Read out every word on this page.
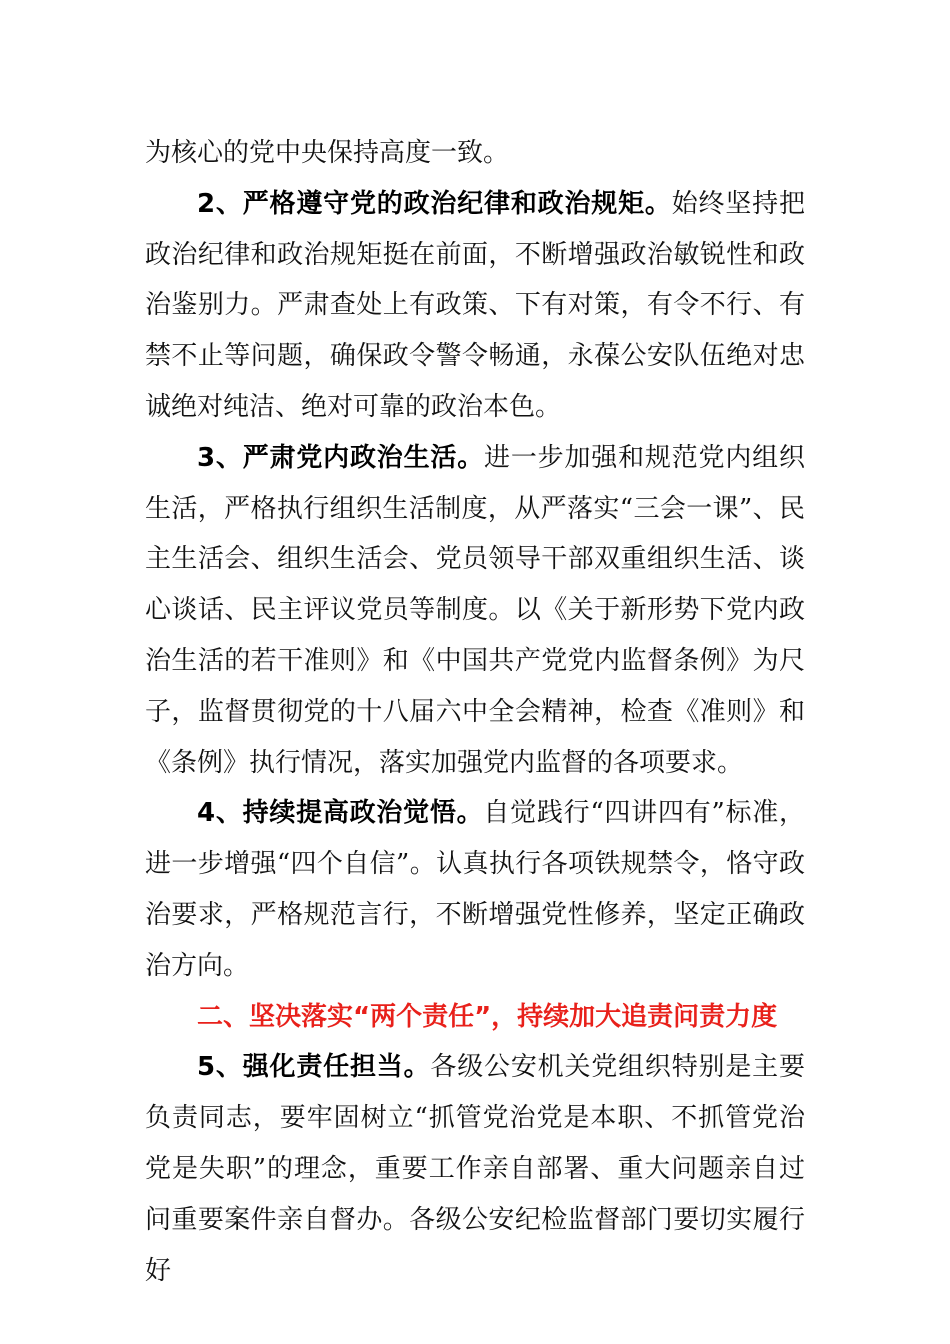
为核心的党中央保持高度一致。

2、严格遵守党的政治纪律和政治规矩。始终坚持把政治纪律和政治规矩挺在前面，不断增强政治敏锐性和政治鉴别力。严肃查处上有政策、下有对策，有令不行、有禁不止等问题，确保政令警令畅通，永葆公安队伍绝对忠诚绝对纯洁、绝对可靠的政治本色。

3、严肃党内政治生活。进一步加强和规范党内组织生活，严格执行组织生活制度，从严落实“三会一课”、民主生活会、组织生活会、党员领导干部双重组织生活、谈心谈话、民主评议党员等制度。以《关于新形势下党内政治生活的若干准则》和《中国共产党党内监督条例》为尺子，监督贯彻党的十八届六中全会精神，检查《准则》和《条例》执行情况，落实加强党内监督的各项要求。

4、持续提高政治觉悟。自觉践行“四讲四有”标准，进一步增强“四个自信”。认真执行各项铁规禁令，恪守政治要求，严格规范言行，不断增强党性修养，坚定正确政治方向。

二、坚决落实“两个责任”，持续加大追责问责力度

5、强化责任担当。各级公安机关党组织特别是主要负责同志，要牢固树立“抓管党治党是本职、不抓管党治党是失职”的理念，重要工作亲自部署、重大问题亲自过问重要案件亲自督办。各级公安纪检监督部门要切实履行好
